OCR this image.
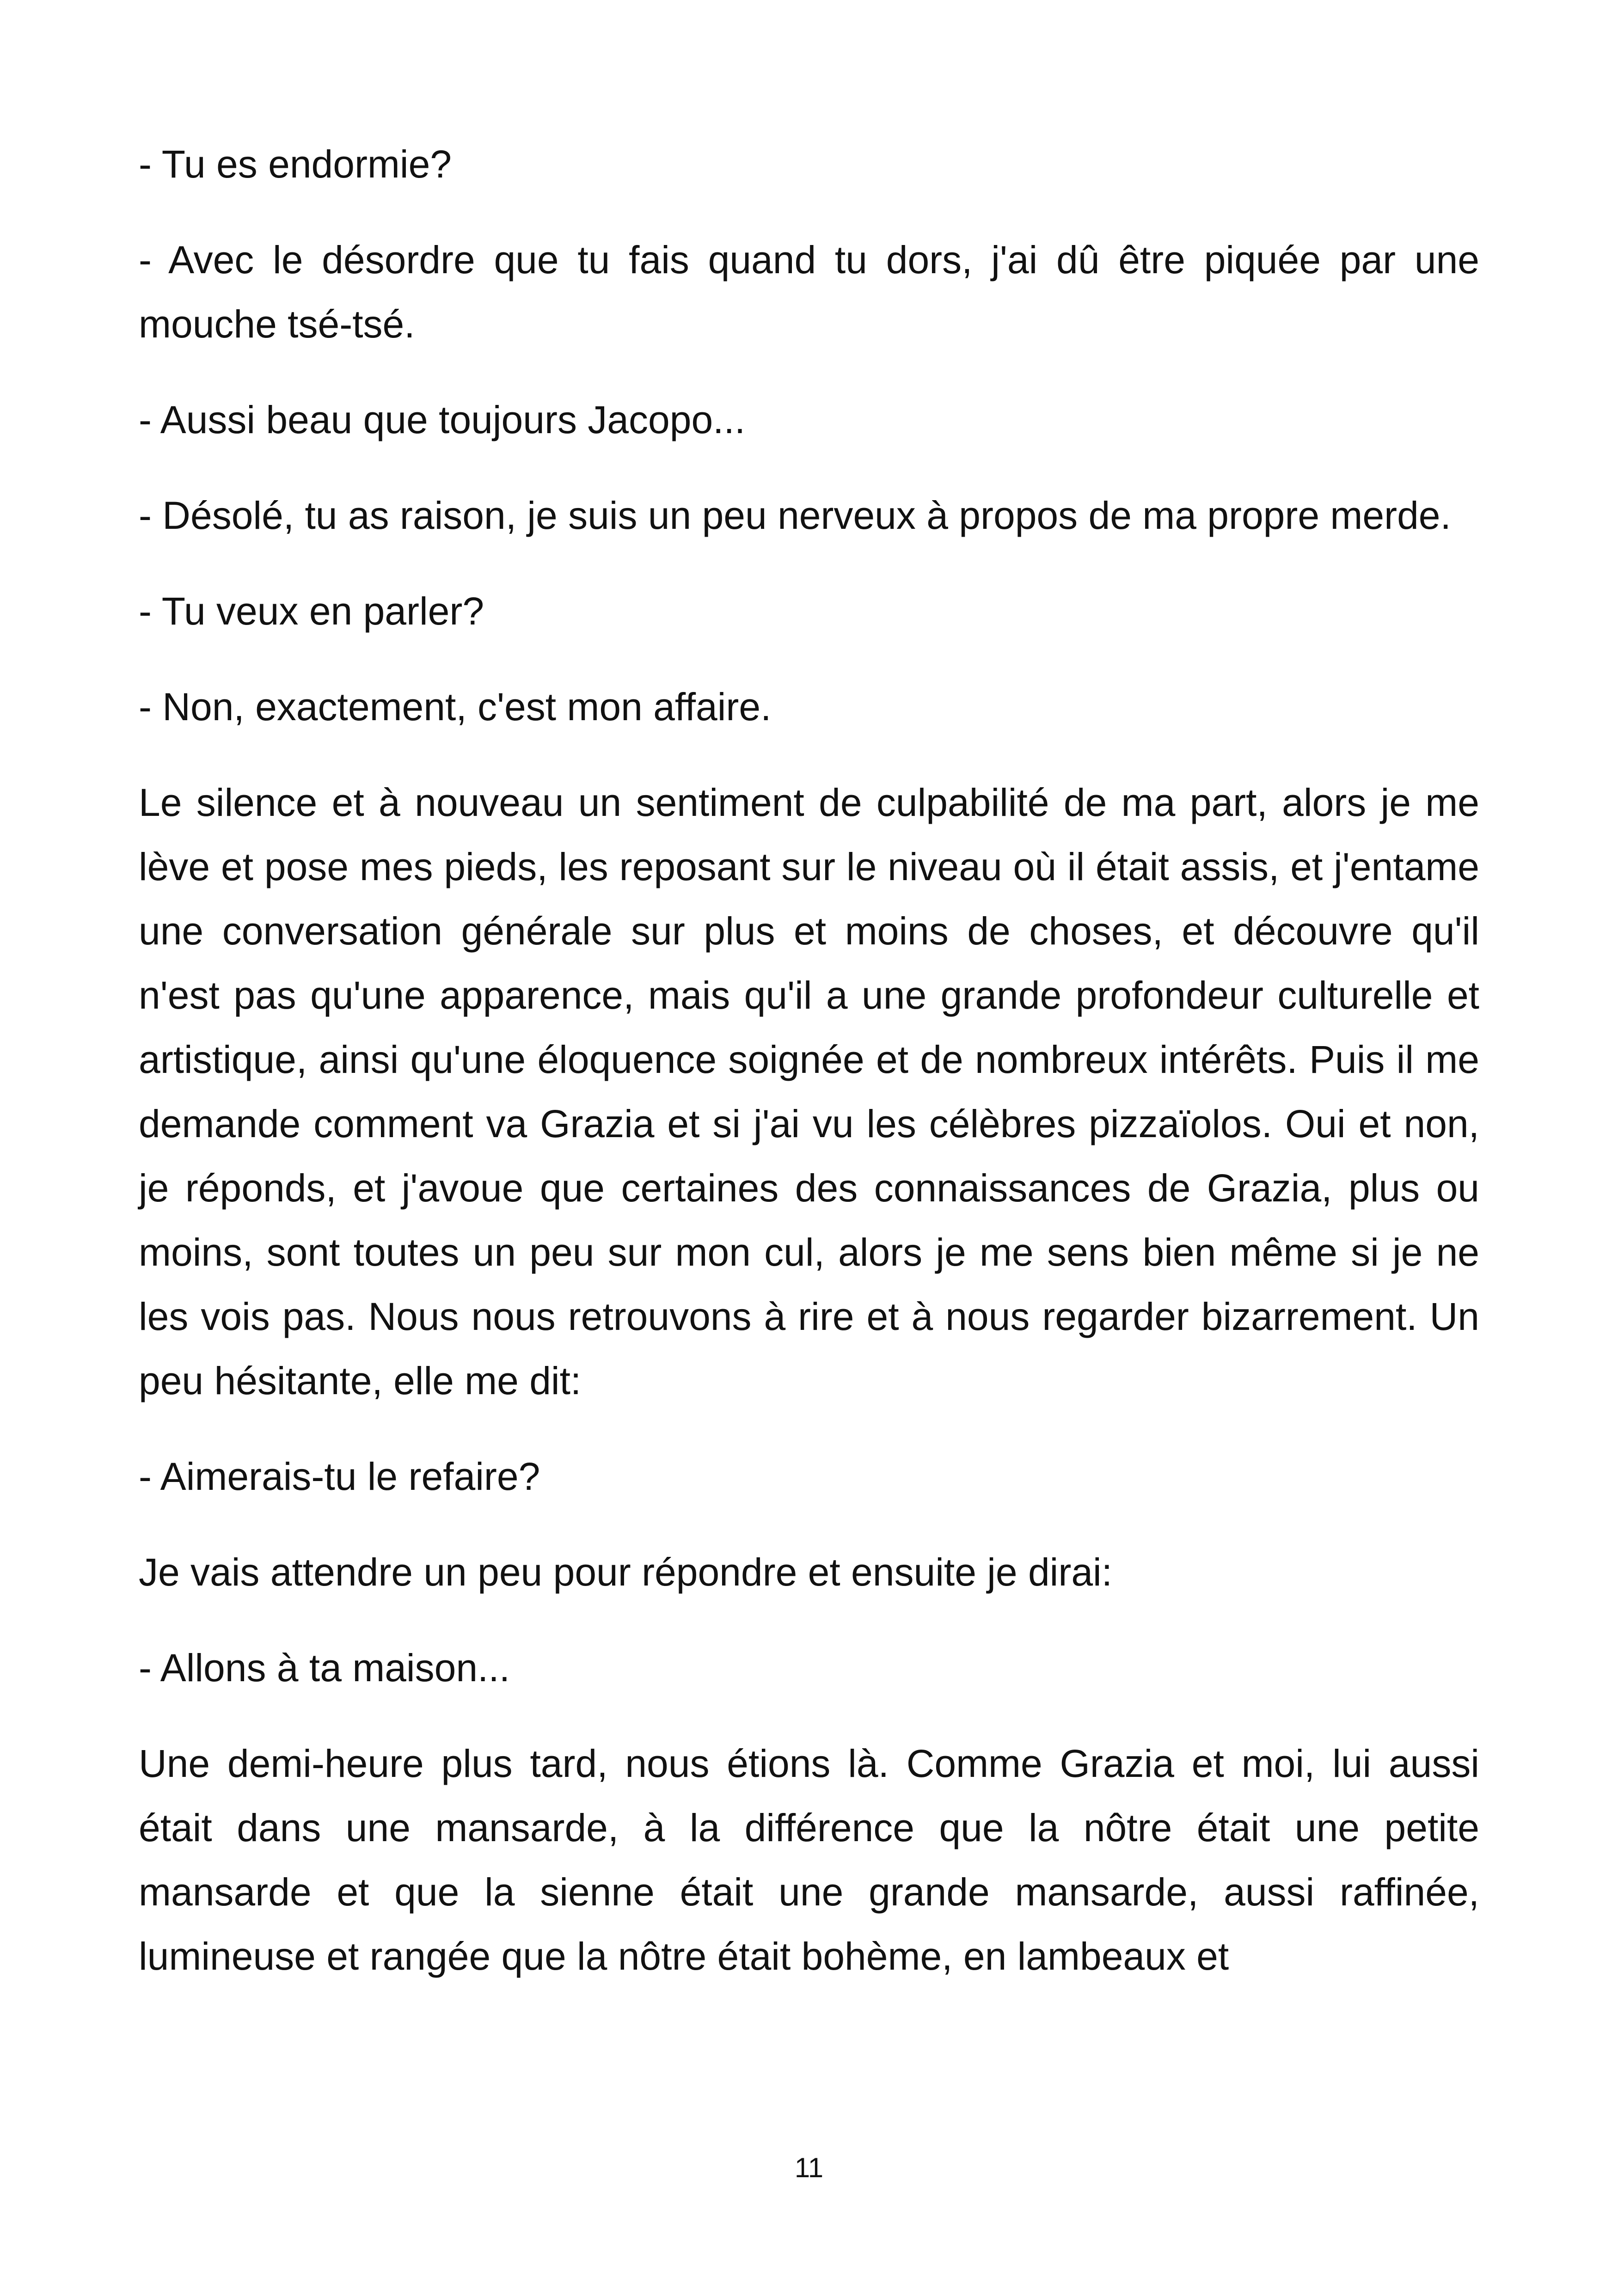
- Tu es endormie?

- Avec le désordre que tu fais quand tu dors, j'ai dû être piquée par une mouche tsé-tsé.

- Aussi beau que toujours Jacopo...

- Désolé, tu as raison, je suis un peu nerveux à propos de ma propre merde.

- Tu veux en parler?

- Non, exactement, c'est mon affaire.

Le silence et à nouveau un sentiment de culpabilité de ma part, alors je me lève et pose mes pieds, les reposant sur le niveau où il était assis, et j'entame une conversation générale sur plus et moins de choses, et découvre qu'il n'est pas qu'une apparence, mais qu'il a une grande profondeur culturelle et artistique, ainsi qu'une éloquence soignée et de nombreux intérêts. Puis il me demande comment va Grazia et si j'ai vu les célèbres pizzaïolos. Oui et non, je réponds, et j'avoue que certaines des connaissances de Grazia, plus ou moins, sont toutes un peu sur mon cul, alors je me sens bien même si je ne les vois pas. Nous nous retrouvons à rire et à nous regarder bizarrement. Un peu hésitante, elle me dit:

- Aimerais-tu le refaire?

Je vais attendre un peu pour répondre et ensuite je dirai:

- Allons à ta maison...

Une demi-heure plus tard, nous étions là. Comme Grazia et moi, lui aussi était dans une mansarde, à la différence que la nôtre était une petite mansarde et que la sienne était une grande mansarde, aussi raffinée, lumineuse et rangée que la nôtre était bohème, en lambeaux et

11
